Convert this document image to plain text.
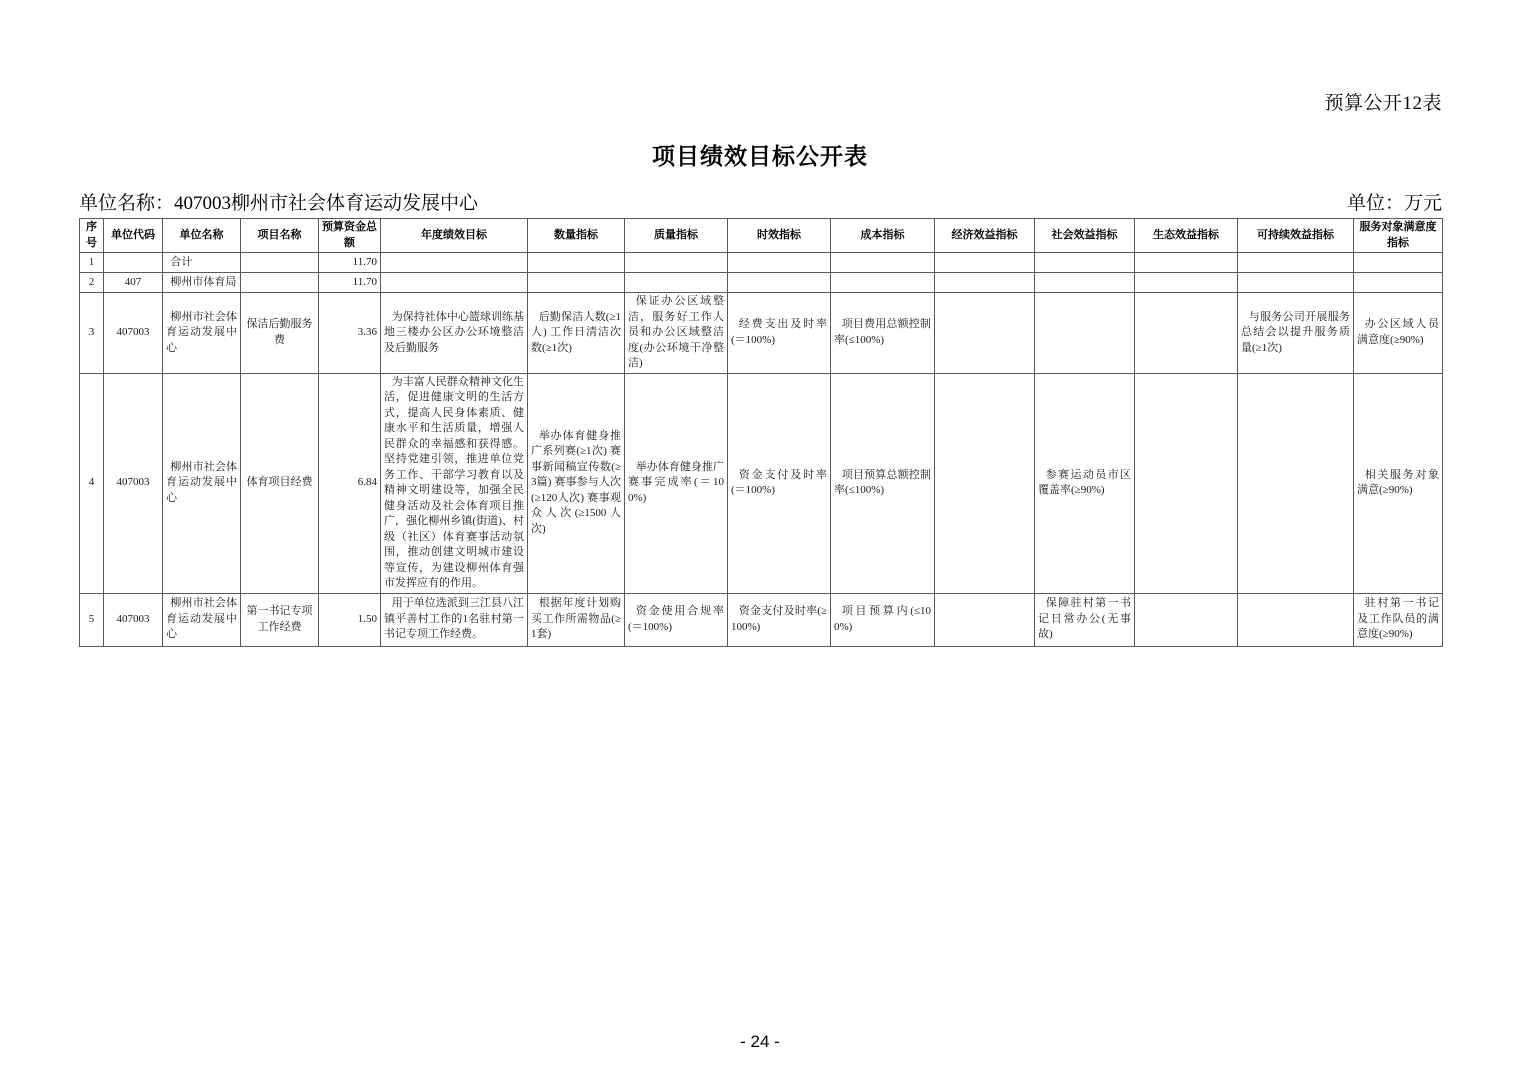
预算公开12表
项目绩效目标公开表
单位名称：407003柳州市社会体育运动发展中心	单位：万元
序号	单位代码	单位名称	项目名称	预算资金总额	年度绩效目标	数量指标	质量指标	时效指标	成本指标	经济效益指标	社会效益指标	生态效益指标	可持续效益指标	服务对象满意度指标
1		合计		11.70										
2	407	柳州市体育局		11.70										
3	407003	柳州市社会体育运动发展中心	保洁后勤服务费	3.36	为保持社体中心篮球训练基地三楼办公区办公环境整洁及后勤服务	后勤保洁人数(≥1人) 工作日清洁次数(≥1次)	保证办公区域整洁，服务好工作人员和办公区域整洁度(办公环境干净整洁)	经费支出及时率(＝100%)	项目费用总额控制率(≤100%)				与服务公司开展服务总结会以提升服务质量(≥1次)	办公区域人员满意度(≥90%)
4	407003	柳州市社会体育运动发展中心	体育项目经费	6.84	为丰富人民群众精神文化生活，促进健康文明的生活方式，提高人民身体素质、健康水平和生活质量，增强人民群众的幸福感和获得感。坚持党建引领，推进单位党务工作、干部学习教育以及精神文明建设等，加强全民健身活动及社会体育项目推广，强化柳州乡镇(街道)、村级（社区）体育赛事活动氛围，推动创建文明城市建设等宣传，为建设柳州体育强市发挥应有的作用。	举办体育健身推广系列赛(≥1次) 赛事新闻稿宣传数(≥3篇) 赛事参与人次(≥120人次) 赛事观众人次(≥1500人次)	举办体育健身推广赛事完成率(＝100%)	资金支付及时率(＝100%)	项目预算总额控制率(≤100%)		参赛运动员市区覆盖率(≥90%)			相关服务对象满意(≥90%)
5	407003	柳州市社会体育运动发展中心	第一书记专项工作经费	1.50	用于单位选派到三江县八江镇平善村工作的1名驻村第一书记专项工作经费。	根据年度计划购买工作所需物品(≥1套)	资金使用合规率(＝100%)	资金支付及时率(≥100%)	项目预算内(≤100%)		保障驻村第一书记日常办公(无事故)			驻村第一书记及工作队员的满意度(≥90%)
- 24 -
